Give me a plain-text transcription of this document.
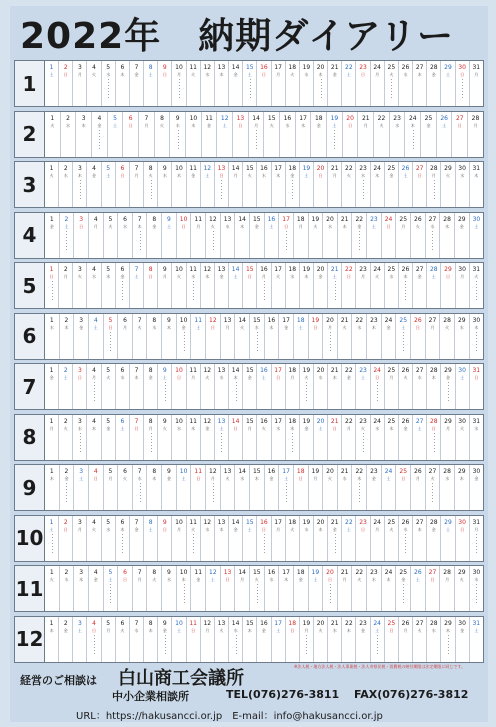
2022年　納期ダイアリー
1
1
土
2
日
3
月
4
火
5
水
6
木
7
金
8
土
9
日
10
月
11
火
12
水
13
木
14
金
15
土
16
日
17
月
18
火
19
水
20
木
21
金
22
土
23
日
24
月
25
火
26
水
27
木
28
金
29
土
30
日
31
月
2
1
火
2
水
3
木
4
金
5
土
6
日
7
月
8
火
9
水
10
木
11
金
12
土
13
日
14
月
15
火
16
水
17
木
18
金
19
土
20
日
21
月
22
火
23
水
24
木
25
金
26
土
27
日
28
月
3
1
火
2
水
3
木
4
金
5
土
6
日
7
月
8
火
9
水
10
木
11
金
12
土
13
日
14
月
15
火
16
水
17
木
18
金
19
土
20
日
21
月
22
火
23
水
24
木
25
金
26
土
27
日
28
月
29
火
30
水
31
木
4
1
金
2
土
3
日
4
月
5
火
6
水
7
木
8
金
9
土
10
日
11
月
12
火
13
水
14
木
15
金
16
土
17
日
18
月
19
火
20
水
21
木
22
金
23
土
24
日
25
月
26
火
27
水
28
木
29
金
30
土
5
1
日
2
月
3
火
4
水
5
木
6
金
7
土
8
日
9
月
10
火
11
水
12
木
13
金
14
土
15
日
16
月
17
火
18
水
19
木
20
金
21
土
22
日
23
月
24
火
25
水
26
木
27
金
28
土
29
日
30
月
31
火
6
1
水
2
木
3
金
4
土
5
日
6
月
7
火
8
水
9
木
10
金
11
土
12
日
13
月
14
火
15
水
16
木
17
金
18
土
19
日
20
月
21
火
22
水
23
木
24
金
25
土
26
日
27
月
28
火
29
水
30
木
7
1
金
2
土
3
日
4
月
5
火
6
水
7
木
8
金
9
土
10
日
11
月
12
火
13
水
14
木
15
金
16
土
17
日
18
月
19
火
20
水
21
木
22
金
23
土
24
日
25
月
26
火
27
水
28
木
29
金
30
土
31
日
8
1
月
2
火
3
水
4
木
5
金
6
土
7
日
8
月
9
火
10
水
11
木
12
金
13
土
14
日
15
月
16
火
17
水
18
木
19
金
20
土
21
日
22
月
23
火
24
水
25
木
26
金
27
土
28
日
29
月
30
火
31
水
9
1
木
2
金
3
土
4
日
5
月
6
火
7
水
8
木
9
金
10
土
11
日
12
月
13
火
14
水
15
木
16
金
17
土
18
日
19
月
20
火
21
水
22
木
23
金
24
土
25
日
26
月
27
火
28
水
29
木
30
金
10
1
土
2
日
3
月
4
火
5
水
6
木
7
金
8
土
9
日
10
月
11
火
12
水
13
木
14
金
15
土
16
日
17
月
18
火
19
水
20
木
21
金
22
土
23
日
24
月
25
火
26
水
27
木
28
金
29
土
30
日
31
月
11
1
火
2
水
3
木
4
金
5
土
6
日
7
月
8
火
9
水
10
木
11
金
12
土
13
日
14
月
15
火
16
水
17
木
18
金
19
土
20
日
21
月
22
火
23
水
24
木
25
金
26
土
27
日
28
月
29
火
30
水
12
1
木
2
金
3
土
4
日
5
月
6
火
7
水
8
木
9
金
10
土
11
日
12
月
13
火
14
水
15
木
16
金
17
土
18
日
19
月
20
火
21
水
22
木
23
金
24
土
25
日
26
月
27
火
28
水
29
木
30
金
31
土
※法人税・地方法人税・法人事業税・法人市県民税・消費税の納付期限は法定期限に同じです。
経営のご相談は 白山商工会議所
中小企業相談所	TEL(076)276-3811 FAX(076)276-3812
URL：https://hakusancci.or.jp　E-mail：info@hakusancci.or.jp
